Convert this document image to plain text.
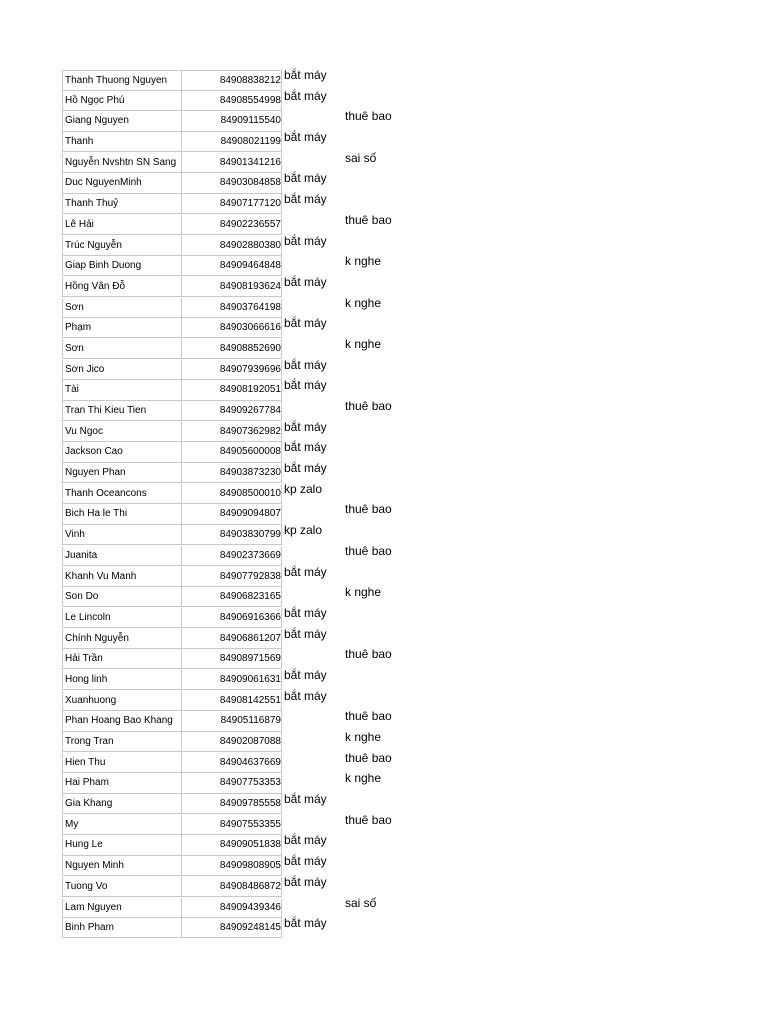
Thanh Thuong Nguyen	84908838212 bắt máy
Hồ Ngọc Phú	84908554998 bắt máy
Giang Nguyen	84909115540	thuê bao
Thanh	84908021199 bắt máy
Nguyễn Nvshtn SN Sang	84901341216	sai số
Duc NguyenMinh	84903084858 bắt máy
Thanh Thuỷ	84907177120 bắt máy
Lê Hải	84902236557	thuê bao
Trúc Nguyễn	84902880380 bắt máy
Giap Binh Duong	84909464848	k nghe
Hồng Vân Đỗ	84908193624 bắt máy
Sơn	84903764198	k nghe
Phạm	84903066616 bắt máy
Sơn	84908852690	k nghe
Sơn Jico	84907939696 bắt máy
Tài	84908192051 bắt máy
Tran Thi Kieu Tien	84909267784	thuê bao
Vu Ngoc	84907362982 bắt máy
Jackson Cao	84905600008 bắt máy
Nguyen Phan	84903873230 bắt máy
Thanh Oceancons	84908500010 kp zalo
Bich Ha le Thi	84909094807	thuê bao
Vinh	84903830799 kp zalo
Juanita	84902373669	thuê bao
Khanh Vu Manh	84907792838 bắt máy
Son Do	84906823165	k nghe
Le Lincoln	84906916366 bắt máy
Chính Nguyễn	84906861207 bắt máy
Hải Trần	84908971569	thuê bao
Hong linh	84909061631 bắt máy
Xuanhuong	84908142551 bắt máy
Phan Hoang Bao Khang	84905116879	thuê bao
Trong Tran	84902087088	k nghe
Hien Thu	84904637669	thuê bao
Hai Pham	84907753353	k nghe
Gia Khang	84909785558 bắt máy
My	84907553355	thuê bao
Hung Le	84909051838 bắt máy
Nguyen Minh	84909808905 bắt máy
Tuong Vo	84908486872 bắt máy
Lam Nguyen	84909439346	sai số
Binh Pham	84909248145 bắt máy
